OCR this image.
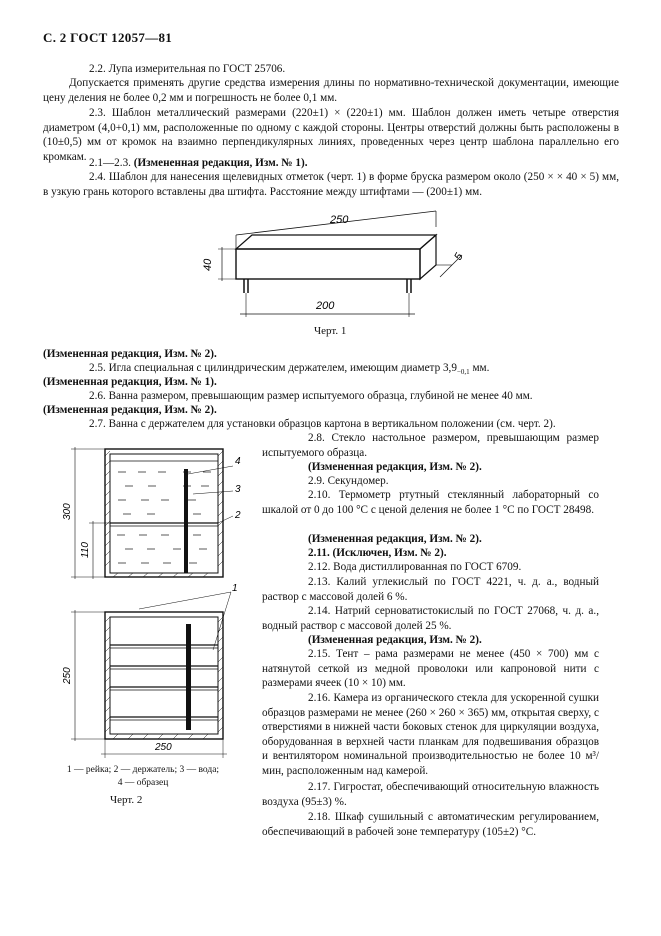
С. 2 ГОСТ 12057—81

2.2. Лупа измерительная по ГОСТ 25706.

Допускается применять другие средства измерения длины по нормативно-технической документации, имеющие цену деления не более 0,2 мм и погрешность не более 0,1 мм.

2.3. Шаблон металлический размерами (220±1) × (220±1) мм. Шаблон должен иметь четыре отверстия диаметром (4,0+0,1) мм, расположенные по одному с каждой стороны. Центры отверстий должны быть расположены в (10±0,5) мм от кромок на взаимно перпендикулярных линиях, проведенных через центр шаблона параллельно его кромкам.

2.1—2.3. (Измененная редакция, Изм. № 1).

2.4. Шаблон для нанесения щелевидных отметок (черт. 1) в форме бруска размером около (250 × × 40 × 5) мм, в узкую грань которого вставлены два штифта. Расстояние между штифтами — (200±1) мм.

250
40
5
200
Черт. 1

(Измененная редакция, Изм. № 2).

2.5. Игла специальная с цилиндрическим держателем, имеющим диаметр $3,9_{-0,1}$ мм.

(Измененная редакция, Изм. № 1).

2.6. Ванна размером, превышающим размер испытуемого образца, глубиной не менее 40 мм.

(Измененная редакция, Изм. № 2).

2.7. Ванна с держателем для установки образцов картона в вертикальном положении (см. черт. 2).

2.8. Стекло настольное размером, превышающим размер испытуемого образца.

(Измененная редакция, Изм. № 2).

2.9. Секундомер.

2.10. Термометр ртутный стеклянный лабораторный со шкалой от 0 до 100 °С с ценой деления не более 1 °С по ГОСТ 28498.

(Измененная редакция, Изм. № 2).

2.11. (Исключен, Изм. № 2).

2.12. Вода дистиллированная по ГОСТ 6709.

2.13. Калий углекислый по ГОСТ 4221, ч. д. а., водный раствор с массовой долей 6 %.

2.14. Натрий серноватистокислый по ГОСТ 27068, ч. д. а., водный раствор с массовой долей 25 %.

(Измененная редакция, Изм. № 2).

2.15. Тент – рама размерами не менее (450 × 700) мм с натянутой сеткой из медной проволоки или капроновой нити с размерами ячеек (10 × 10) мм.

2.16. Камера из органического стекла для ускоренной сушки образцов размерами не менее (260 × 260 × 365) мм, открытая сверху, с отверстиями в нижней части боковых стенок для циркуляции воздуха, оборудованная в верхней части планкам для подвешивания образцов и вентилятором номинальной производительностью не более 10 м³/мин, расположенным над камерой.

2.17. Гигростат, обеспечивающий относительную влажность воздуха (95±3) %.

2.18. Шкаф сушильный с автоматическим регулированием, обеспечивающий в рабочей зоне температуру (105±2) °С.

4
3
2
300
110
1
250
250
1 — рейка; 2 — держатель; 3 — вода;
4 — образец
Черт. 2
